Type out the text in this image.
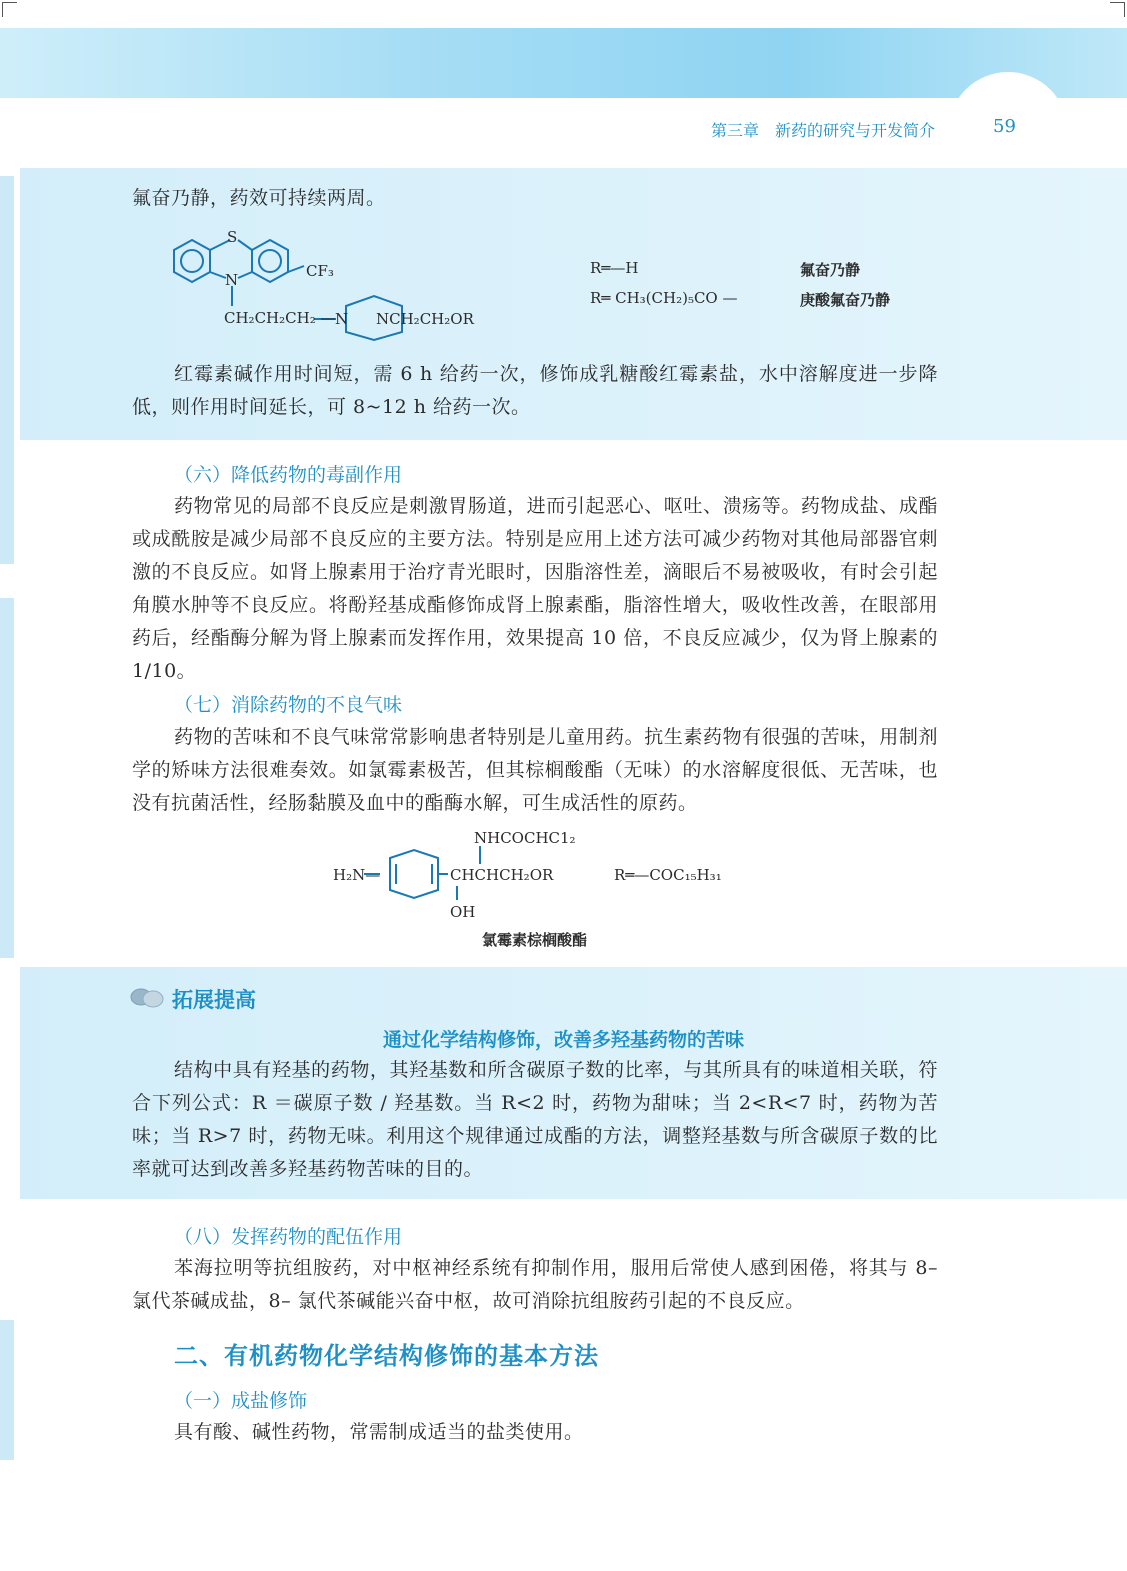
第三章　新药的研究与开发简介	59
氟奋乃静，药效可持续两周。
S
N	CF₃
CH₂CH₂CH₂ — N NCH₂CH₂OR
R═—H	氟奋乃静
R═ CH₃(CH₂)₅CO —	庚酸氟奋乃静
红霉素碱作用时间短，需 6 h 给药一次，修饰成乳糖酸红霉素盐，水中溶解度进一步降低，则作用时间延长，可 8~12 h 给药一次。
（六）降低药物的毒副作用
药物常见的局部不良反应是刺激胃肠道，进而引起恶心、呕吐、溃疡等。药物成盐、成酯或成酰胺是减少局部不良反应的主要方法。特别是应用上述方法可减少药物对其他局部器官刺激的不良反应。如肾上腺素用于治疗青光眼时，因脂溶性差，滴眼后不易被吸收，有时会引起角膜水肿等不良反应。将酚羟基成酯修饰成肾上腺素酯，脂溶性增大，吸收性改善，在眼部用药后，经酯酶分解为肾上腺素而发挥作用，效果提高 10 倍，不良反应减少，仅为肾上腺素的 1/10。
（七）消除药物的不良气味
药物的苦味和不良气味常常影响患者特别是儿童用药。抗生素药物有很强的苦味，用制剂学的矫味方法很难奏效。如氯霉素极苦，但其棕榈酸酯（无味）的水溶解度很低、无苦味，也没有抗菌活性，经肠黏膜及血中的酯酶水解，可生成活性的原药。
NHCOCHC1₂
H₂N—	CHCHCH₂OR
OH
R═—COC₁₅H₃₁
氯霉素棕榈酸酯
拓展提高
通过化学结构修饰，改善多羟基药物的苦味
结构中具有羟基的药物，其羟基数和所含碳原子数的比率，与其所具有的味道相关联，符合下列公式：R ＝碳原子数 / 羟基数。当 R<2 时，药物为甜味；当 2<R<7 时，药物为苦味；当 R>7 时，药物无味。利用这个规律通过成酯的方法，调整羟基数与所含碳原子数的比率就可达到改善多羟基药物苦味的目的。
（八）发挥药物的配伍作用
苯海拉明等抗组胺药，对中枢神经系统有抑制作用，服用后常使人感到困倦，将其与 8– 氯代茶碱成盐，8– 氯代茶碱能兴奋中枢，故可消除抗组胺药引起的不良反应。
二、有机药物化学结构修饰的基本方法
（一）成盐修饰
具有酸、碱性药物，常需制成适当的盐类使用。
